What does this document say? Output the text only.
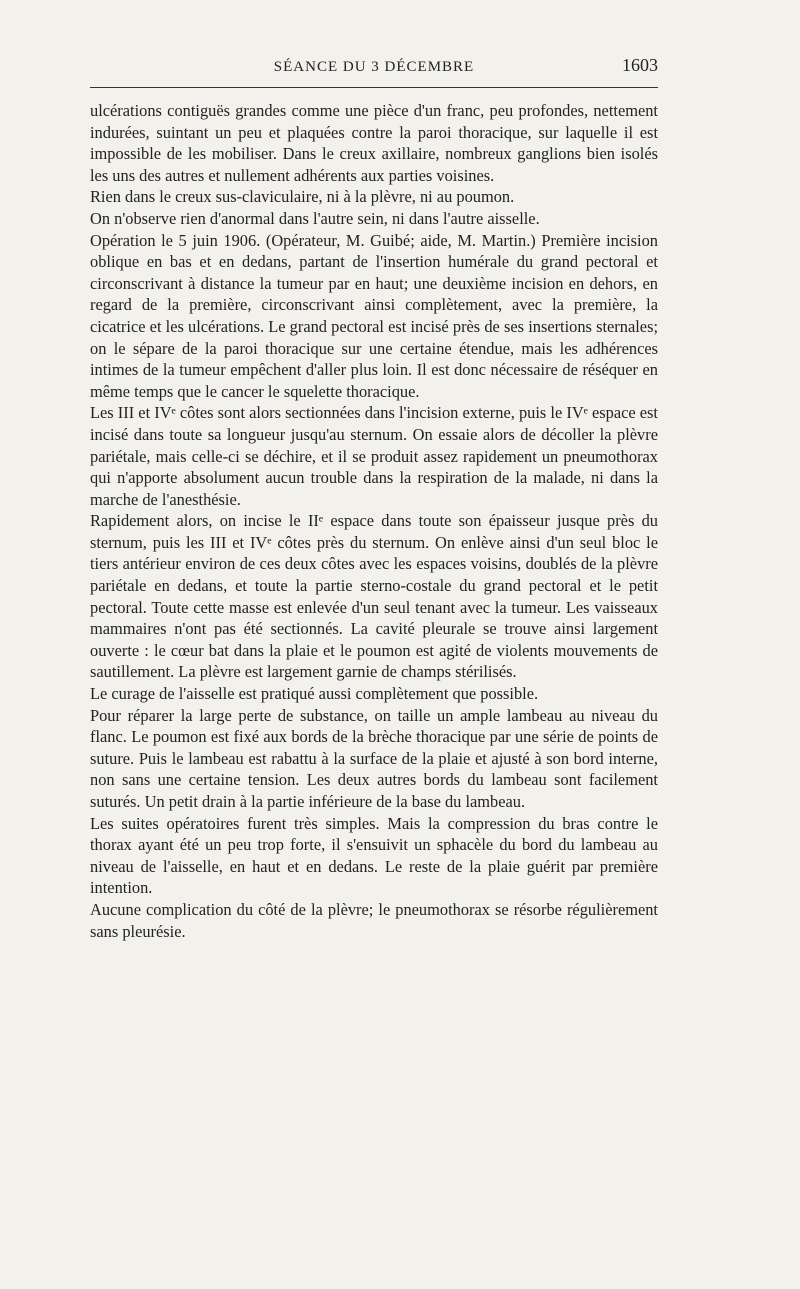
SÉANCE DU 3 DÉCEMBRE	1603

ulcérations contiguës grandes comme une pièce d'un franc, peu profondes, nettement indurées, suintant un peu et plaquées contre la paroi thoracique, sur laquelle il est impossible de les mobiliser. Dans le creux axillaire, nombreux ganglions bien isolés les uns des autres et nullement adhérents aux parties voisines.

Rien dans le creux sus-claviculaire, ni à la plèvre, ni au poumon.

On n'observe rien d'anormal dans l'autre sein, ni dans l'autre aisselle.

Opération le 5 juin 1906. (Opérateur, M. Guibé; aide, M. Martin.) Première incision oblique en bas et en dedans, partant de l'insertion humérale du grand pectoral et circonscrivant à distance la tumeur par en haut; une deuxième incision en dehors, en regard de la première, circonscrivant ainsi complètement, avec la première, la cicatrice et les ulcérations. Le grand pectoral est incisé près de ses insertions sternales; on le sépare de la paroi thoracique sur une certaine étendue, mais les adhérences intimes de la tumeur empêchent d'aller plus loin. Il est donc nécessaire de réséquer en même temps que le cancer le squelette thoracique.

Les III et IVᵉ côtes sont alors sectionnées dans l'incision externe, puis le IVᵉ espace est incisé dans toute sa longueur jusqu'au sternum. On essaie alors de décoller la plèvre pariétale, mais celle-ci se déchire, et il se produit assez rapidement un pneumothorax qui n'apporte absolument aucun trouble dans la respiration de la malade, ni dans la marche de l'anesthésie.

Rapidement alors, on incise le IIᵉ espace dans toute son épaisseur jusque près du sternum, puis les III et IVᵉ côtes près du sternum. On enlève ainsi d'un seul bloc le tiers antérieur environ de ces deux côtes avec les espaces voisins, doublés de la plèvre pariétale en dedans, et toute la partie sterno-costale du grand pectoral et le petit pectoral. Toute cette masse est enlevée d'un seul tenant avec la tumeur. Les vaisseaux mammaires n'ont pas été sectionnés. La cavité pleurale se trouve ainsi largement ouverte : le cœur bat dans la plaie et le poumon est agité de violents mouvements de sautillement. La plèvre est largement garnie de champs stérilisés.

Le curage de l'aisselle est pratiqué aussi complètement que possible.

Pour réparer la large perte de substance, on taille un ample lambeau au niveau du flanc. Le poumon est fixé aux bords de la brèche thoracique par une série de points de suture. Puis le lambeau est rabattu à la surface de la plaie et ajusté à son bord interne, non sans une certaine tension. Les deux autres bords du lambeau sont facilement suturés. Un petit drain à la partie inférieure de la base du lambeau.

Les suites opératoires furent très simples. Mais la compression du bras contre le thorax ayant été un peu trop forte, il s'ensuivit un sphacèle du bord du lambeau au niveau de l'aisselle, en haut et en dedans. Le reste de la plaie guérit par première intention.

Aucune complication du côté de la plèvre; le pneumothorax se résorbe régulièrement sans pleurésie.
